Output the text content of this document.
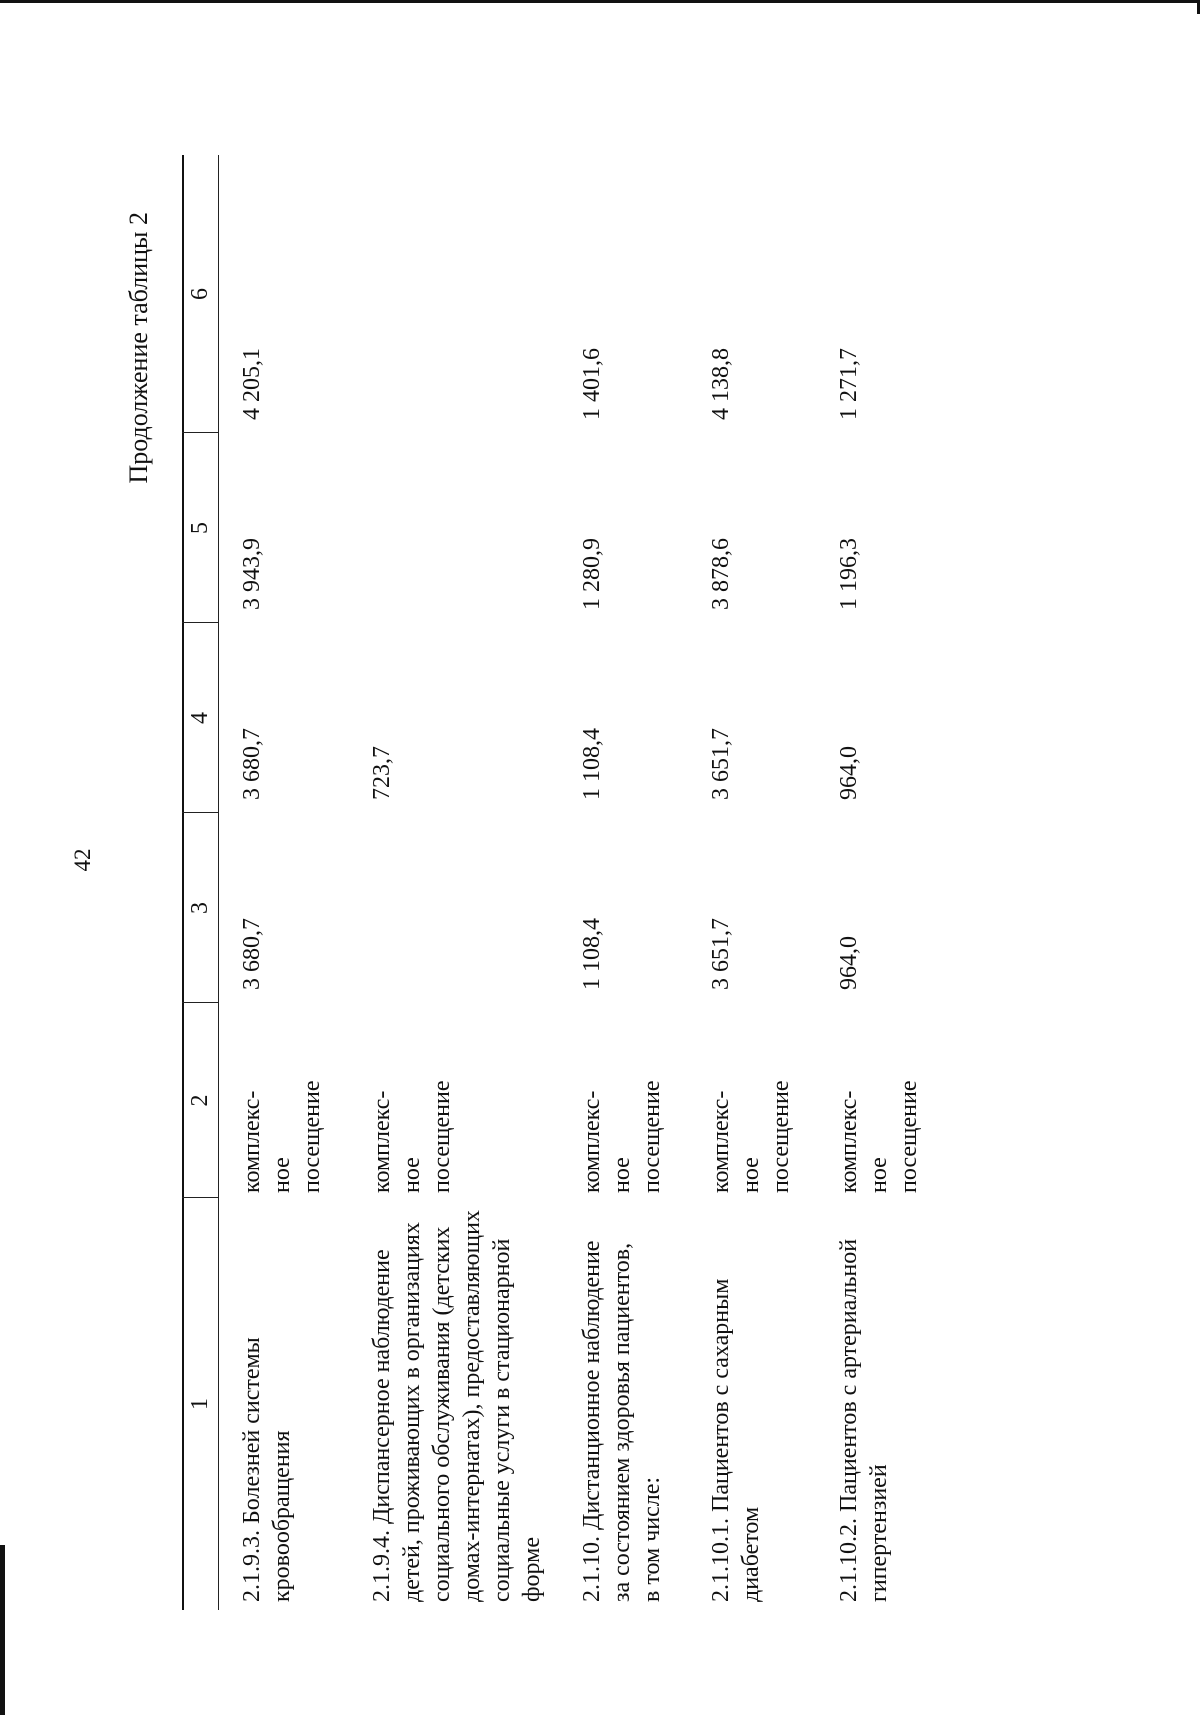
42
Продолжение таблицы 2
1
2
3
4
5
6
2.1.9.3. Болезней системы кровообращения
комплекс- ное посещение
3 680,7
3 680,7
3 943,9
4 205,1
2.1.9.4. Диспансерное наблюдение детей, проживающих в организациях социального обслуживания (детских домах-интернатах), предоставляющих социальные услуги в стационарной форме
комплекс- ное посещение
723,7
2.1.10. Дистанционное наблюдение за состоянием здоровья пациентов, в том числе:
комплекс- ное посещение
1 108,4
1 108,4
1 280,9
1 401,6
2.1.10.1. Пациентов с сахарным диабетом
комплекс- ное посещение
3 651,7
3 651,7
3 878,6
4 138,8
2.1.10.2. Пациентов с артериальной гипертензией
комплекс- ное посещение
964,0
964,0
1 196,3
1 271,7
